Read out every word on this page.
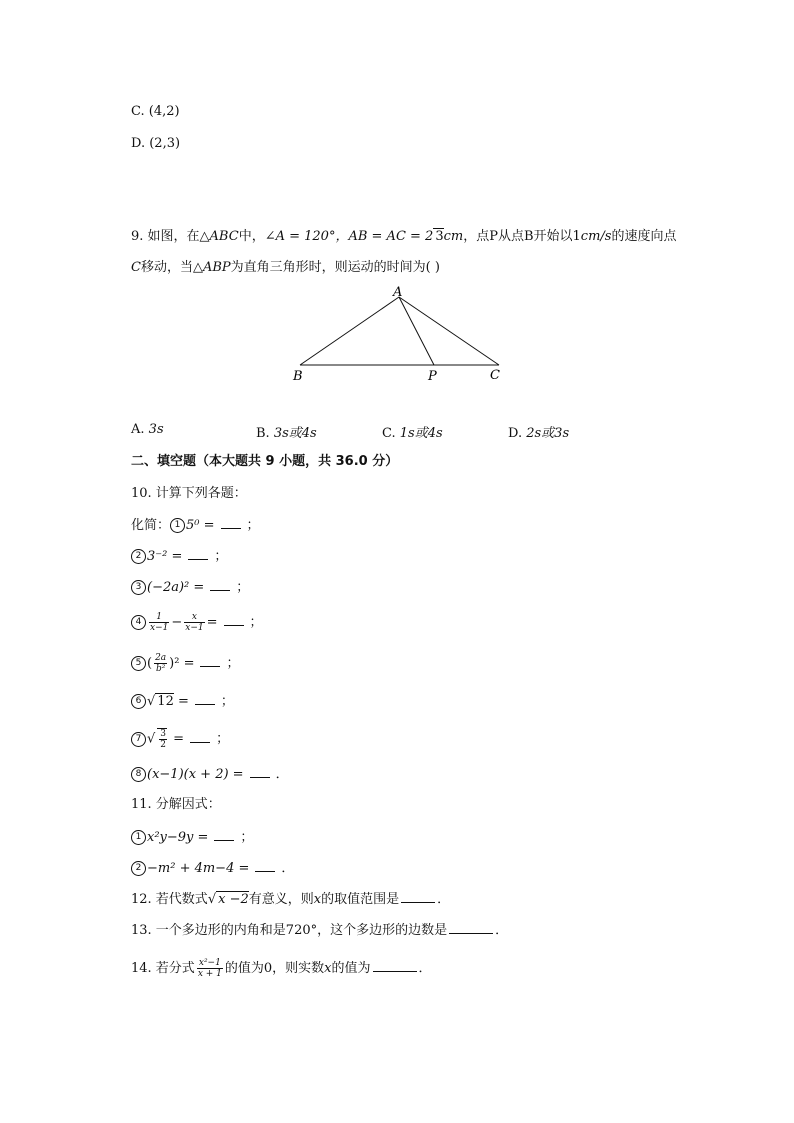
C. (4,2)
D. (2,3)
9. 如图，在△ABC中，∠A = 120°，AB = AC = 2 3cm，点P从点B开始以1cm/s的速度向点
C移动，当△ABP为直角三角形时，则运动的时间为( )
A
B	P	C
A. 3s	B. 3s或4s	C. 1s或4s	D. 2s或3s
二、填空题（本大题共 9 小题，共 36.0 分）
10. 计算下列各题：
化简： 1 5⁰ = ；
2 3⁻² = ；
3 (−2a)² = ；
$4 \frac{1}{x-1} - \frac{x}{x-1}$ = ；
5 ( $\frac{2a}{\text{b²}} )^2$ = ；
6 √ 12 = ；
7 √ $\frac{3}{2}$ = ；
8 (x−1)(x + 2) = ．
11. 分解因式：
1 x²y−9y = ；
2 −m² + 4m−4 = ．
12. 若代数式√ x −2有意义，则x的取值范围是	．
13. 一个多边形的内角和是720°，这个多边形的边数是	．
14. 若分式 $\frac{\text{x²−1}}{x + 1}$ 的值为0，则实数x的值为	．
